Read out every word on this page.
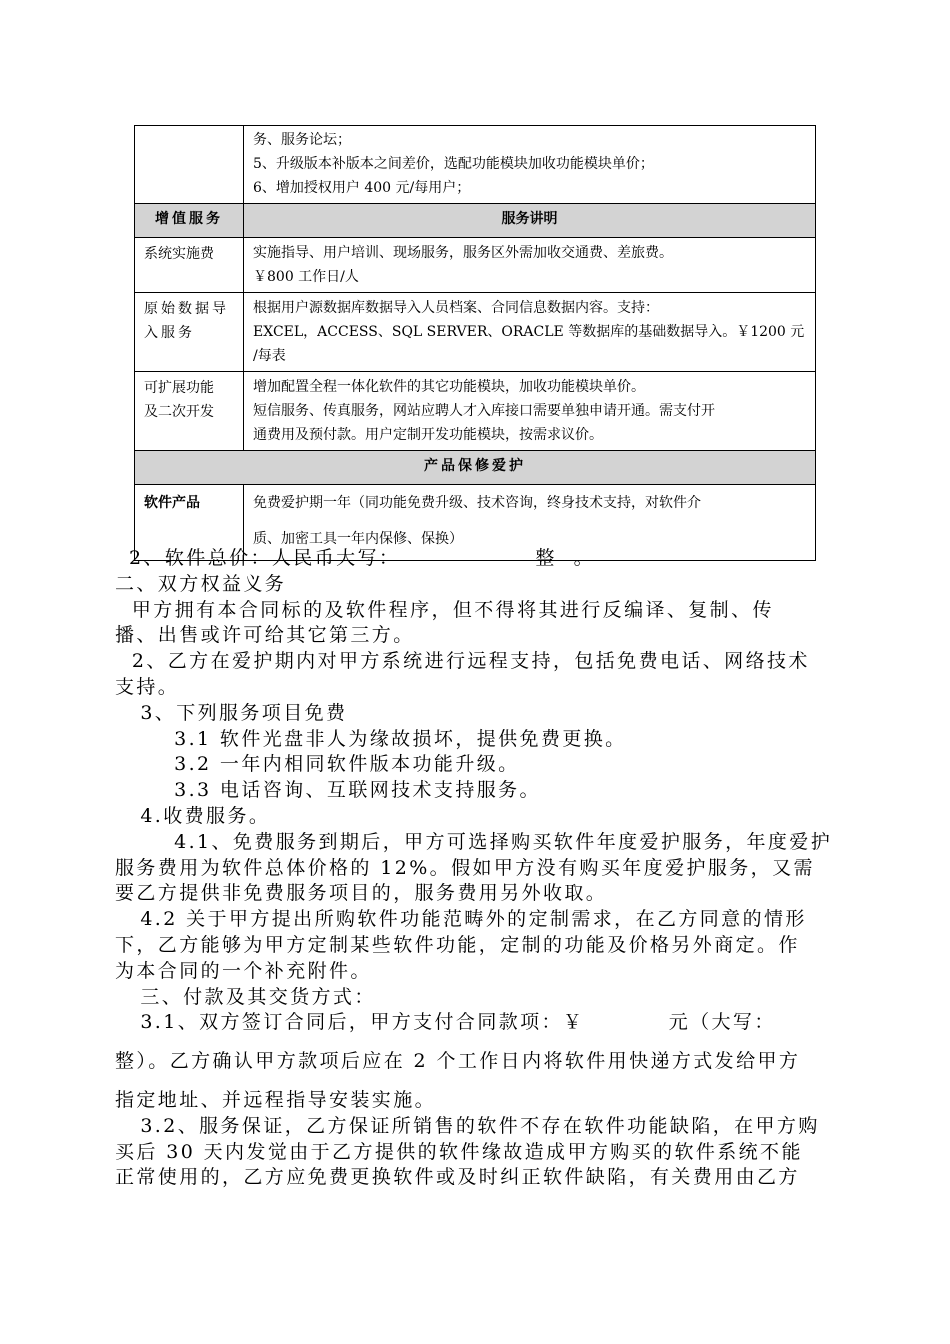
	务、服务论坛；
5、升级版本补版本之间差价，选配功能模块加收功能模块单价；
6、增加授权用户 400 元/每用户；

增值服务	服务讲明

系统实施费	实施指导、用户培训、现场服务，服务区外需加收交通费、差旅费。
￥800 工作日/人

原始数据导
入服务	根据用户源数据库数据导入人员档案、合同信息数据内容。支持：
EXCEL，ACCESS、SQL SERVER、ORACLE 等数据库的基础数据导入。￥1200 元
/每表

可扩展功能
及二次开发	增加配置全程一体化软件的其它功能模块，加收功能模块单价。
短信服务、传真服务，网站应聘人才入库接口需要单独申请开通。需支付开
通费用及预付款。用户定制开发功能模块，按需求议价。

产品保修爱护	

软件产品	免费爱护期一年（同功能免费升级、技术咨询，终身技术支持，对软件介
质、加密工具一年内保修、保换）

2、软件总价：人民币大写：                整  。

二、双方权益义务

甲方拥有本合同标的及软件程序，但不得将其进行反编译、复制、传

播、出售或许可给其它第三方。

2、乙方在爱护期内对甲方系统进行远程支持，包括免费电话、网络技术

支持。

3、下列服务项目免费

3.1 软件光盘非人为缘故损坏，提供免费更换。

3.2 一年内相同软件版本功能升级。

3.3 电话咨询、互联网技术支持服务。

4.收费服务。

4.1、免费服务到期后，甲方可选择购买软件年度爱护服务，年度爱护

服务费用为软件总体价格的 12%。假如甲方没有购买年度爱护服务，又需

要乙方提供非免费服务项目的，服务费用另外收取。

4.2 关于甲方提出所购软件功能范畴外的定制需求，在乙方同意的情形

下，乙方能够为甲方定制某些软件功能，定制的功能及价格另外商定。作

为本合同的一个补充附件。

三、付款及其交货方式：

3.1、双方签订合同后，甲方支付合同款项：￥          元（大写：

整）。乙方确认甲方款项后应在 2 个工作日内将软件用快递方式发给甲方

指定地址、并远程指导安装实施。

3.2、服务保证，乙方保证所销售的软件不存在软件功能缺陷，在甲方购

买后 30 天内发觉由于乙方提供的软件缘故造成甲方购买的软件系统不能

正常使用的，乙方应免费更换软件或及时纠正软件缺陷，有关费用由乙方
